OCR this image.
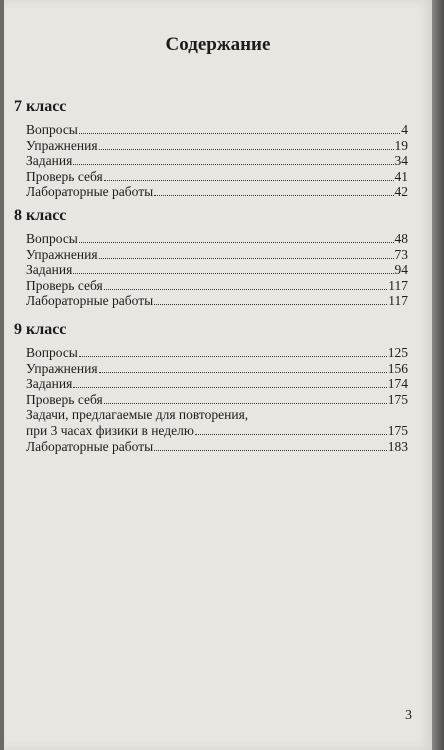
Содержание
7 класс
Вопросы	4
Упражнения	19
Задания	34
Проверь себя	41
Лабораторные работы	42
8 класс
Вопросы	48
Упражнения	73
Задания	94
Проверь себя	117
Лабораторные работы	117
9 класс
Вопросы	125
Упражнения	156
Задания	174
Проверь себя	175
Задачи, предлагаемые для повторения,
при 3 часах физики в неделю	175
Лабораторные работы	183
3
